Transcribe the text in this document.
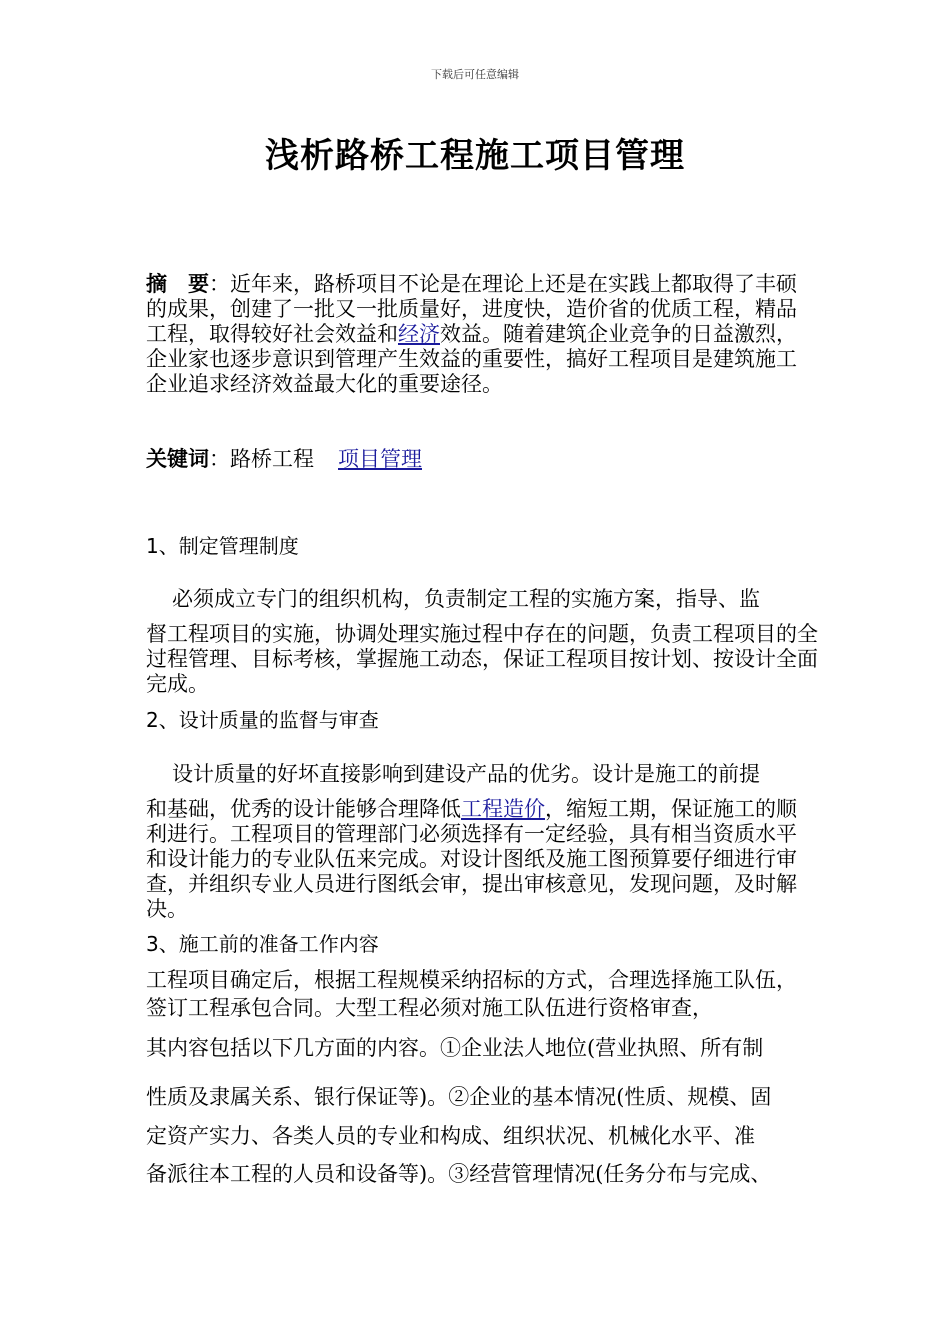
下载后可任意编辑
浅析路桥工程施工项目管理
摘　要：近年来，路桥项目不论是在理论上还是在实践上都取得了丰硕的成果，创建了一批又一批质量好，进度快，造价省的优质工程，精品工程，取得较好社会效益和经济效益。随着建筑企业竞争的日益激烈，企业家也逐步意识到管理产生效益的重要性，搞好工程项目是建筑施工企业追求经济效益最大化的重要途径。
关键词：路桥工程 项目管理
1、制定管理制度
必须成立专门的组织机构，负责制定工程的实施方案，指导、监
督工程项目的实施，协调处理实施过程中存在的问题，负责工程项目的全过程管理、目标考核，掌握施工动态，保证工程项目按计划、按设计全面完成。
2、设计质量的监督与审查
设计质量的好坏直接影响到建设产品的优劣。设计是施工的前提
和基础，优秀的设计能够合理降低工程造价，缩短工期，保证施工的顺利进行。工程项目的管理部门必须选择有一定经验，具有相当资质水平和设计能力的专业队伍来完成。对设计图纸及施工图预算要仔细进行审查，并组织专业人员进行图纸会审，提出审核意见，发现问题，及时解决。
3、施工前的准备工作内容
工程项目确定后，根据工程规模采纳招标的方式，合理选择施工队伍，签订工程承包合同。大型工程必须对施工队伍进行资格审查，
其内容包括以下几方面的内容。①企业法人地位(营业执照、所有制
性质及隶属关系、银行保证等)。②企业的基本情况(性质、规模、固
定资产实力、各类人员的专业和构成、组织状况、机械化水平、准
备派往本工程的人员和设备等)。③经营管理情况(任务分布与完成、
